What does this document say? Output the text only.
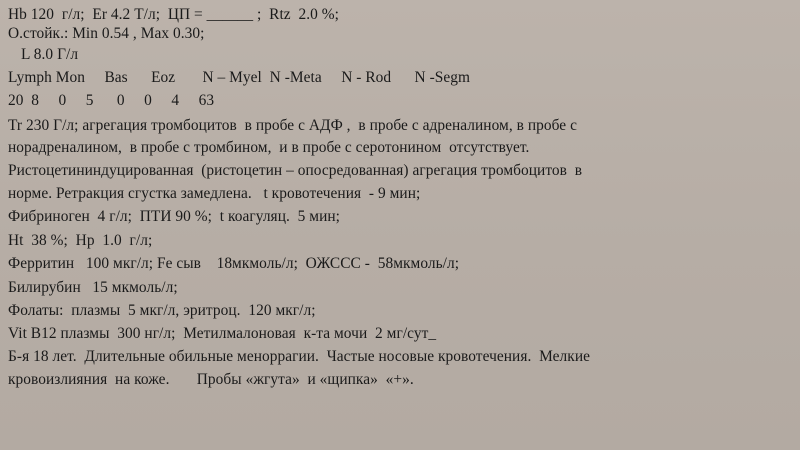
Hb 120  г/л;  Er 4.2 Т/л;  ЦП = ______ ;  Rtz  2.0 %;
О.стойк.: Min 0.54 , Max 0.30;
L 8.0 Г/л
Lymph Mon     Bas      Eoz       N – Myel  N -Meta     N - Rod      N -Segm
20  8     0     5      0     0     4     63
Tr 230 Г/л; агрегация тромбоцитов  в пробе с АДФ ,  в пробе с адреналином, в пробе с
норадреналином,  в пробе с тромбином,  и в пробе с серотонином  отсутствует.
Ристоцетининдуцированная  (ристоцетин – опосредованная) агрегация тромбоцитов  в
норме. Ретракция сгустка замедлена.   t кровотечения  - 9 мин;
Фибриноген  4 г/л;  ПТИ 90 %;  t коагуляц.  5 мин;
Ht  38 %;  Hp  1.0  г/л;
Ферритин   100 мкг/л; Fe сыв    18мкмоль/л;  ОЖССС -  58мкмоль/л;
Билирубин   15 мкмоль/л;
Фолаты:  плазмы  5 мкг/л, эритроц.  120 мкг/л;
Vit B12 плазмы  300 нг/л;  Метилмалоновая  к-та мочи  2 мг/сут_
Б-я 18 лет.  Длительные обильные меноррагии.  Частые носовые кровотечения.  Мелкие
кровоизлияния  на коже.       Пробы «жгута»  и «щипка»  «+».
